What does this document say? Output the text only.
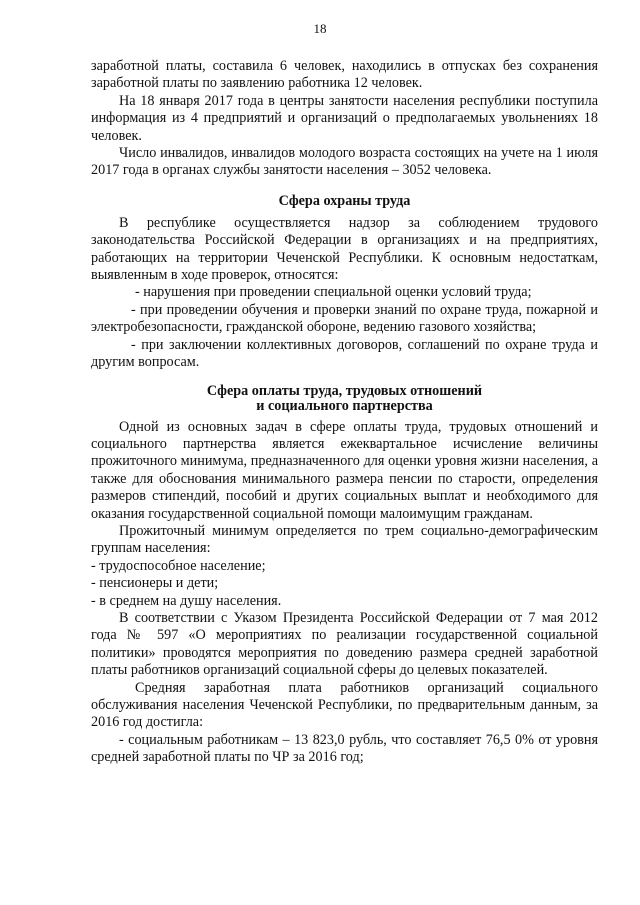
18

заработной платы, составила 6 человек, находились в отпусках без сохранения заработной платы по заявлению работника 12 человек.

На 18 января 2017 года в центры занятости населения республики поступила информация из 4 предприятий и организаций о предполагаемых увольнениях 18 человек.

Число инвалидов, инвалидов молодого возраста состоящих на учете на 1 июля 2017 года в органах службы занятости населения – 3052 человека.

Сфера охраны труда

В республике осуществляется надзор за соблюдением трудового законодательства Российской Федерации в организациях и на предприятиях, работающих на территории Чеченской Республики. К основным недостаткам, выявленным в ходе проверок, относятся:

- нарушения при проведении специальной оценки условий труда;

- при проведении обучения и проверки знаний по охране труда, пожарной и электробезопасности, гражданской обороне, ведению газового хозяйства;

- при заключении коллективных договоров, соглашений по охране труда и другим вопросам.

Сфера оплаты труда, трудовых отношений
и социального партнерства

Одной из основных задач в сфере оплаты труда, трудовых отношений и социального партнерства является ежеквартальное исчисление величины прожиточного минимума, предназначенного для оценки уровня жизни населения, а также для обоснования минимального размера пенсии по старости, определения размеров стипендий, пособий и других социальных выплат и необходимого для оказания государственной социальной помощи малоимущим гражданам.

Прожиточный минимум определяется по трем социально-демографическим группам населения:

- трудоспособное население;

- пенсионеры и дети;

- в среднем на душу населения.

В соответствии с Указом Президента Российской Федерации от 7 мая 2012 года № 597 «О мероприятиях по реализации государственной социальной политики» проводятся мероприятия по доведению размера средней заработной платы работников организаций социальной сферы до целевых показателей.

Средняя заработная плата работников организаций социального обслуживания населения Чеченской Республики, по предварительным данным, за 2016 год достигла:

- социальным работникам – 13 823,0 рубль, что составляет 76,5 0% от уровня средней заработной платы по ЧР за 2016 год;
